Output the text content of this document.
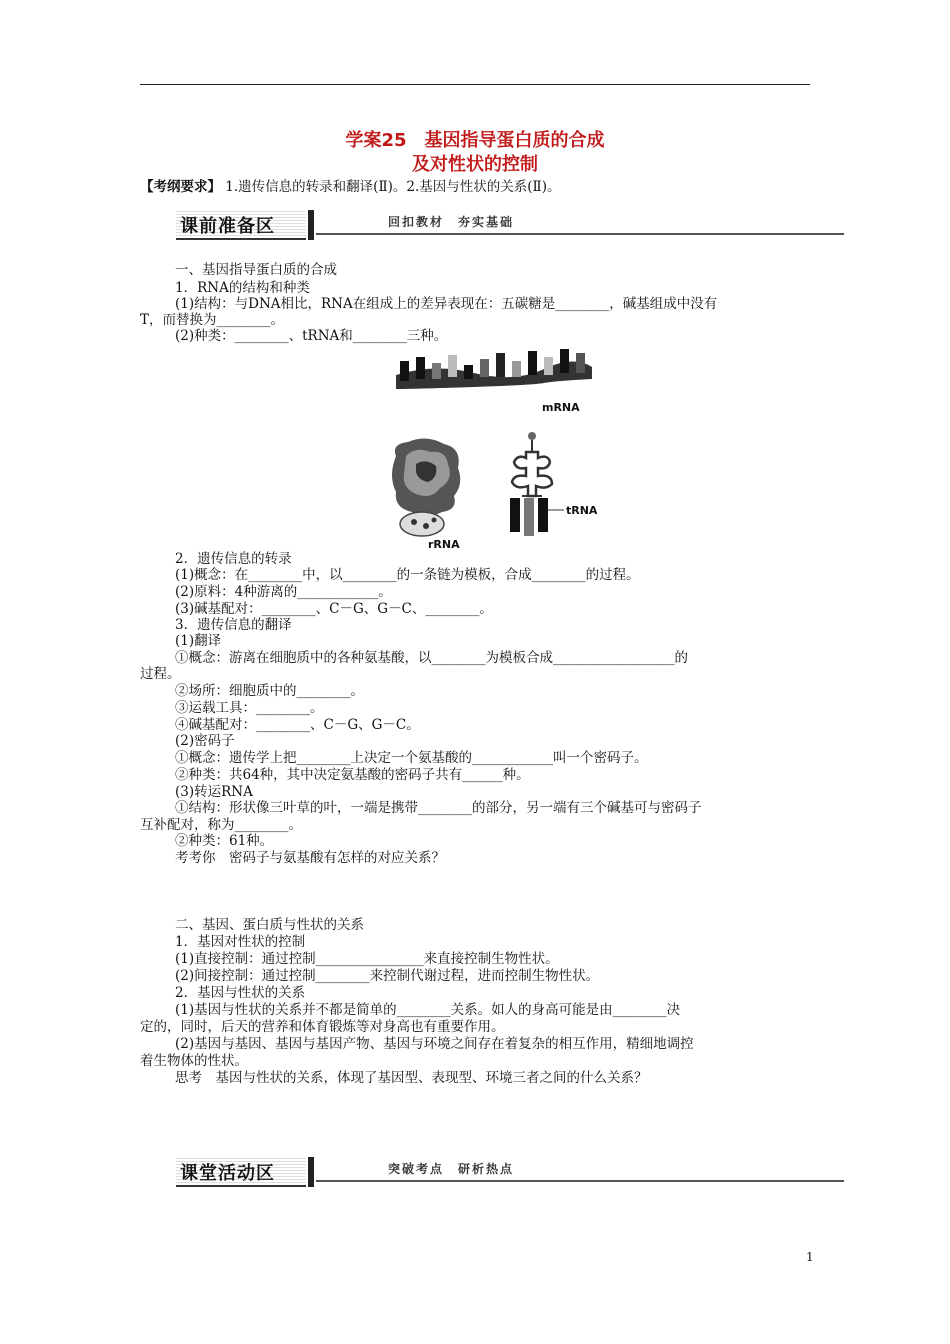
学案25　基因指导蛋白质的合成
及对性状的控制
【考纲要求】 1.遗传信息的转录和翻译(Ⅱ)。2.基因与性状的关系(Ⅱ)。
课前准备区	回扣教材　夯实基础
一、基因指导蛋白质的合成
1．RNA的结构和种类
(1)结构：与DNA相比，RNA在组成上的差异表现在：五碳糖是________，碱基组成中没有
T，而替换为________。
(2)种类：________、tRNA和________三种。
mRNA
rRNA
tRNA
2．遗传信息的转录
(1)概念：在________中，以________的一条链为模板，合成________的过程。
(2)原料：4种游离的____________。
(3)碱基配对：________、C－G、G－C、________。
3．遗传信息的翻译
(1)翻译
①概念：游离在细胞质中的各种氨基酸，以________为模板合成__________________的
过程。
②场所：细胞质中的________。
③运载工具：________。
④碱基配对：________、C－G、G－C。
(2)密码子
①概念：遗传学上把________上决定一个氨基酸的____________叫一个密码子。
②种类：共64种，其中决定氨基酸的密码子共有______种。
(3)转运RNA
①结构：形状像三叶草的叶，一端是携带________的部分，另一端有三个碱基可与密码子
互补配对，称为________。
②种类：61种。
考考你　密码子与氨基酸有怎样的对应关系？
二、基因、蛋白质与性状的关系
1．基因对性状的控制
(1)直接控制：通过控制________________来直接控制生物性状。
(2)间接控制：通过控制________来控制代谢过程，进而控制生物性状。
2．基因与性状的关系
(1)基因与性状的关系并不都是简单的________关系。如人的身高可能是由________决
定的，同时，后天的营养和体育锻炼等对身高也有重要作用。
(2)基因与基因、基因与基因产物、基因与环境之间存在着复杂的相互作用，精细地调控
着生物体的性状。
思考　基因与性状的关系，体现了基因型、表现型、环境三者之间的什么关系？
课堂活动区	突破考点　研析热点
1
